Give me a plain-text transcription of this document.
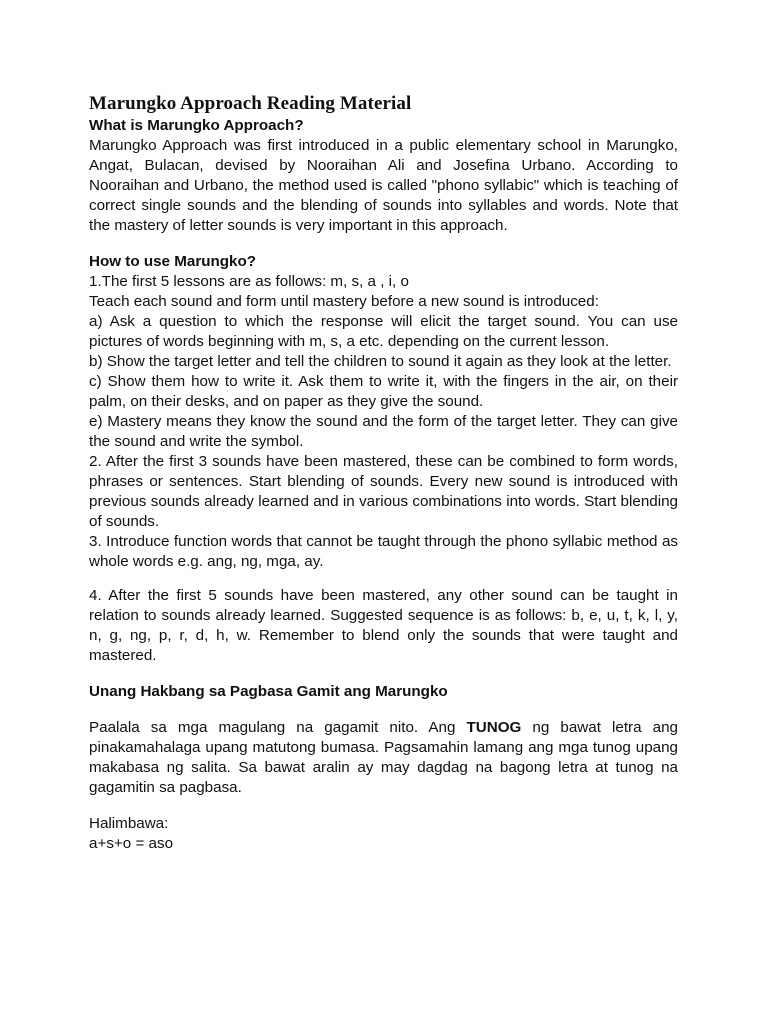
Marungko Approach Reading Material
What is Marungko Approach?

Marungko Approach was first introduced in a public elementary school in Marungko, Angat, Bulacan, devised by Nooraihan Ali and Josefina Urbano. According to Nooraihan and Urbano, the method used is called "phono syllabic" which is teaching of correct single sounds and the blending of sounds into syllables and words. Note that the mastery of letter sounds is very important in this approach.

How to use Marungko?

1.The first 5 lessons are as follows: m, s, a , i, o

Teach each sound and form until mastery before a new sound is introduced:

a) Ask a question to which the response will elicit the target sound. You can use pictures of words beginning with m, s, a etc. depending on the current lesson.

b) Show the target letter and tell the children to sound it again as they look at the letter.

c) Show them how to write it. Ask them to write it, with the fingers in the air, on their palm, on their desks, and on paper as they give the sound.

e) Mastery means they know the sound and the form of the target letter. They can give the sound and write the symbol.

2. After the first 3 sounds have been mastered, these can be combined to form words, phrases or sentences. Start blending of sounds. Every new sound is introduced with previous sounds already learned and in various combinations into words. Start blending of sounds.

3. Introduce function words that cannot be taught through the phono syllabic method as whole words e.g. ang, ng, mga, ay.

4. After the first 5 sounds have been mastered, any other sound can be taught in relation to sounds already learned. Suggested sequence is as follows: b, e, u, t, k, l, y, n, g, ng, p, r, d, h, w. Remember to blend only the sounds that were taught and mastered.

Unang Hakbang sa Pagbasa Gamit ang Marungko

Paalala sa mga magulang na gagamit nito. Ang TUNOG ng bawat letra ang pinakamahalaga upang matutong bumasa. Pagsamahin lamang ang mga tunog upang makabasa ng salita. Sa bawat aralin ay may dagdag na bagong letra at tunog na gagamitin sa pagbasa.

Halimbawa:

a+s+o = aso
